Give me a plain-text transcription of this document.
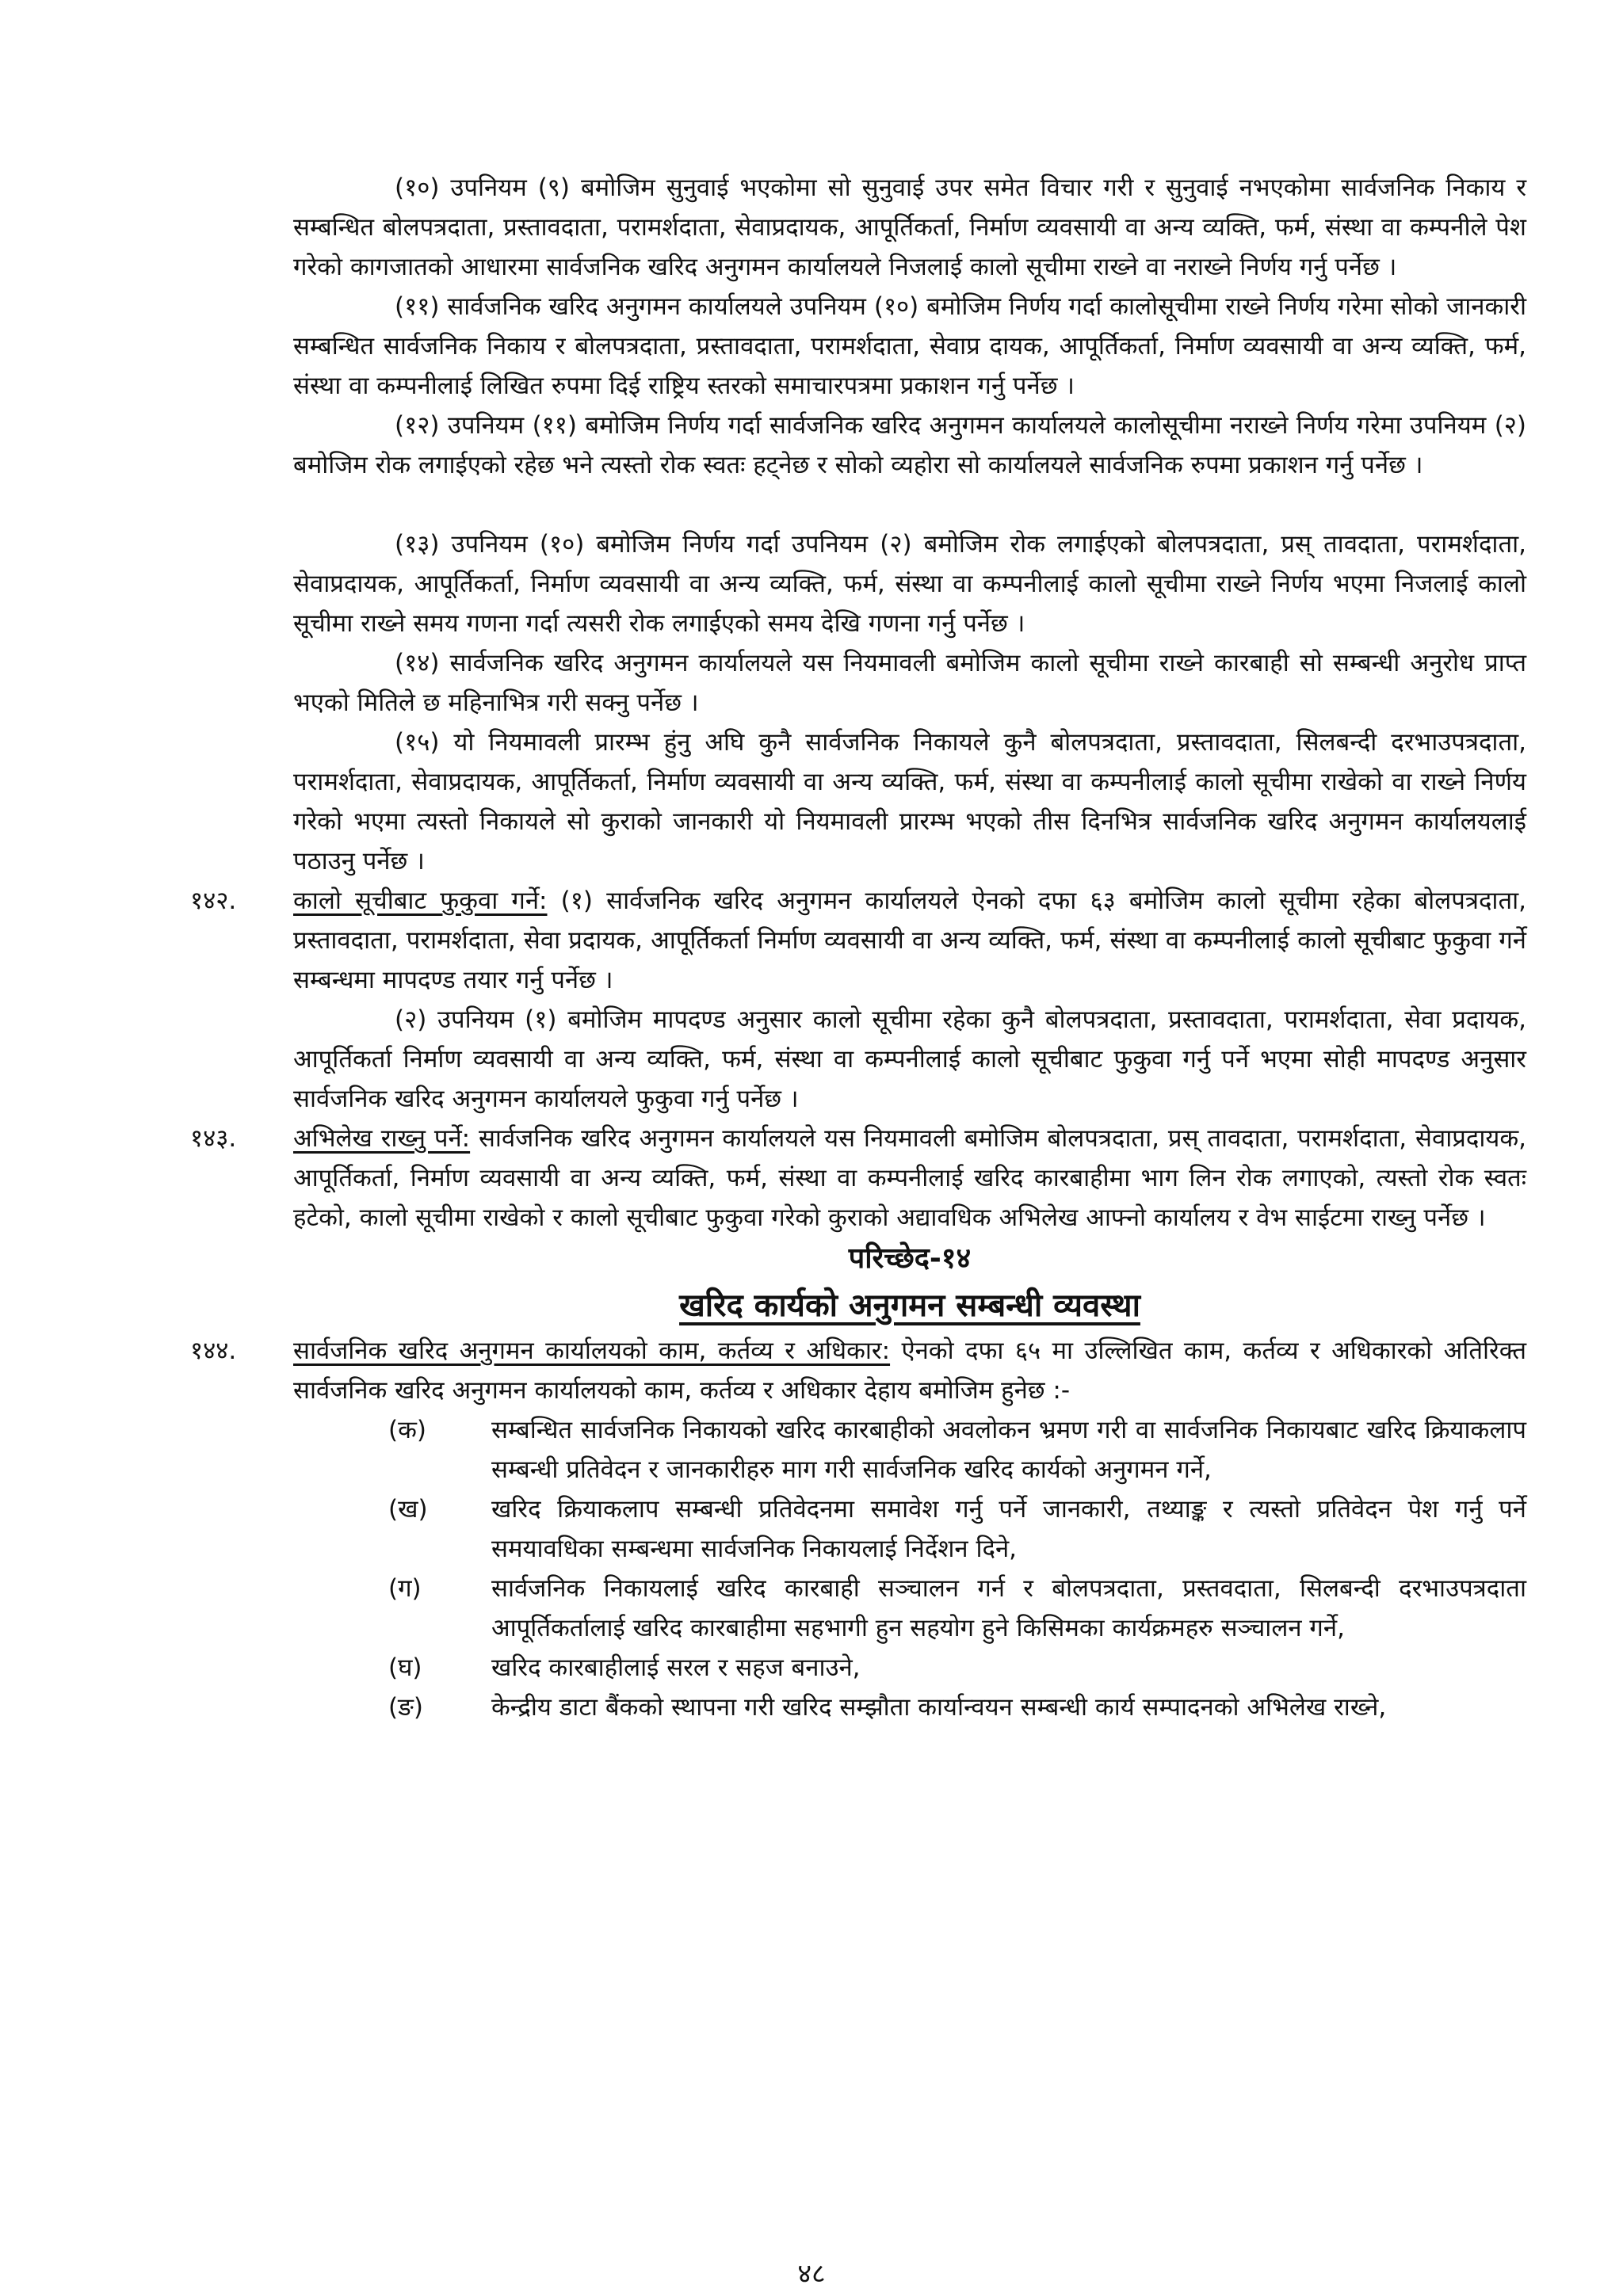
(१०) उपनियम (९) बमोजिम सुनुवाई भएकोमा सो सुनुवाई उपर समेत विचार गरी र सुनुवाई नभएकोमा सार्वजनिक निकाय र सम्बन्धित बोलपत्रदाता, प्रस्तावदाता, परामर्शदाता, सेवाप्रदायक, आपूर्तिकर्ता, निर्माण व्यवसायी वा अन्य व्यक्ति, फर्म, संस्था वा कम्पनीले पेश गरेको कागजातको आधारमा सार्वजनिक खरिद अनुगमन कार्यालयले निजलाई कालो सूचीमा राख्ने वा नराख्ने निर्णय गर्नु पर्नेछ ।

(११) सार्वजनिक खरिद अनुगमन कार्यालयले उपनियम (१०) बमोजिम निर्णय गर्दा कालोसूचीमा राख्ने निर्णय गरेमा सोको जानकारी सम्बन्धित सार्वजनिक निकाय र बोलपत्रदाता, प्रस्तावदाता, परामर्शदाता, सेवाप्र दायक, आपूर्तिकर्ता, निर्माण व्यवसायी वा अन्य व्यक्ति, फर्म, संस्था वा कम्पनीलाई लिखित रुपमा दिई राष्ट्रिय स्तरको समाचारपत्रमा प्रकाशन गर्नु पर्नेछ ।

(१२) उपनियम (११) बमोजिम निर्णय गर्दा सार्वजनिक खरिद अनुगमन कार्यालयले कालोसूचीमा नराख्ने निर्णय गरेमा उपनियम (२) बमोजिम रोक लगाईएको रहेछ भने त्यस्तो रोक स्वतः हट्नेछ र सोको व्यहोरा सो कार्यालयले सार्वजनिक रुपमा प्रकाशन गर्नु पर्नेछ ।

(१३) उपनियम (१०) बमोजिम निर्णय गर्दा उपनियम (२) बमोजिम रोक लगाईएको बोलपत्रदाता, प्रस् तावदाता, परामर्शदाता, सेवाप्रदायक, आपूर्तिकर्ता, निर्माण व्यवसायी वा अन्य व्यक्ति, फर्म, संस्था वा कम्पनीलाई कालो सूचीमा राख्ने निर्णय भएमा निजलाई कालो सूचीमा राख्ने समय गणना गर्दा त्यसरी रोक लगाईएको समय देखि गणना गर्नु पर्नेछ ।

(१४) सार्वजनिक खरिद अनुगमन कार्यालयले यस नियमावली बमोजिम कालो सूचीमा राख्ने कारबाही सो सम्बन्धी अनुरोध प्राप्त भएको मितिले छ महिनाभित्र गरी सक्नु पर्नेछ ।

(१५) यो नियमावली प्रारम्भ हुंनु अघि कुनै सार्वजनिक निकायले कुनै बोलपत्रदाता, प्रस्तावदाता, सिलबन्दी दरभाउपत्रदाता, परामर्शदाता, सेवाप्रदायक, आपूर्तिकर्ता, निर्माण व्यवसायी वा अन्य व्यक्ति, फर्म, संस्था वा कम्पनीलाई कालो सूचीमा राखेको वा राख्ने निर्णय गरेको भएमा त्यस्तो निकायले सो कुराको जानकारी यो नियमावली प्रारम्भ भएको तीस दिनभित्र सार्वजनिक खरिद अनुगमन कार्यालयलाई पठाउनु पर्नेछ ।

१४२. कालो सूचीबाट फुकुवा गर्ने: (१) सार्वजनिक खरिद अनुगमन कार्यालयले ऐनको दफा ६३ बमोजिम कालो सूचीमा रहेका बोलपत्रदाता, प्रस्तावदाता, परामर्शदाता, सेवा प्रदायक, आपूर्तिकर्ता निर्माण व्यवसायी वा अन्य व्यक्ति, फर्म, संस्था वा कम्पनीलाई कालो सूचीबाट फुकुवा गर्ने सम्बन्धमा मापदण्ड तयार गर्नु पर्नेछ ।

(२) उपनियम (१) बमोजिम मापदण्ड अनुसार कालो सूचीमा रहेका कुनै बोलपत्रदाता, प्रस्तावदाता, परामर्शदाता, सेवा प्रदायक, आपूर्तिकर्ता निर्माण व्यवसायी वा अन्य व्यक्ति, फर्म, संस्था वा कम्पनीलाई कालो सूचीबाट फुकुवा गर्नु पर्ने भएमा सोही मापदण्ड अनुसार सार्वजनिक खरिद अनुगमन कार्यालयले फुकुवा गर्नु पर्नेछ ।

१४३. अभिलेख राख्नु पर्ने: सार्वजनिक खरिद अनुगमन कार्यालयले यस नियमावली बमोजिम बोलपत्रदाता, प्रस् तावदाता, परामर्शदाता, सेवाप्रदायक, आपूर्तिकर्ता, निर्माण व्यवसायी वा अन्य व्यक्ति, फर्म, संस्था वा कम्पनीलाई खरिद कारबाहीमा भाग लिन रोक लगाएको, त्यस्तो रोक स्वतः हटेको, कालो सूचीमा राखेको र कालो सूचीबाट फुकुवा गरेको कुराको अद्यावधिक अभिलेख आफ्नो कार्यालय र वेभ साईटमा राख्नु पर्नेछ ।

परिच्छेद-१४
खरिद कार्यको अनुगमन सम्बन्धी व्यवस्था
१४४. सार्वजनिक खरिद अनुगमन कार्यालयको काम, कर्तव्य र अधिकार: ऐनको दफा ६५ मा उल्लिखित काम, कर्तव्य र अधिकारको अतिरिक्त सार्वजनिक खरिद अनुगमन कार्यालयको काम, कर्तव्य र अधिकार देहाय बमोजिम हुनेछ :-

(क)	सम्बन्धित सार्वजनिक निकायको खरिद कारबाहीको अवलोकन भ्रमण गरी वा सार्वजनिक निकायबाट खरिद क्रियाकलाप सम्बन्धी प्रतिवेदन र जानकारीहरु माग गरी सार्वजनिक खरिद कार्यको अनुगमन गर्ने,

(ख)	खरिद क्रियाकलाप सम्बन्धी प्रतिवेदनमा समावेश गर्नु पर्ने जानकारी, तथ्याङ्क र त्यस्तो प्रतिवेदन पेश गर्नु पर्ने समयावधिका सम्बन्धमा सार्वजनिक निकायलाई निर्देशन दिने,

(ग)	सार्वजनिक निकायलाई खरिद कारबाही सञ्चालन गर्न र बोलपत्रदाता, प्रस्तवदाता, सिलबन्दी दरभाउपत्रदाता आपूर्तिकर्तालाई खरिद कारबाहीमा सहभागी हुन सहयोग हुने किसिमका कार्यक्रमहरु सञ्चालन गर्ने,

(घ)	खरिद कारबाहीलाई सरल र सहज बनाउने,

(ङ)	केन्द्रीय डाटा बैंकको स्थापना गरी खरिद सम्झौता कार्यान्वयन सम्बन्धी कार्य सम्पादनको अभिलेख राख्ने,

४८
